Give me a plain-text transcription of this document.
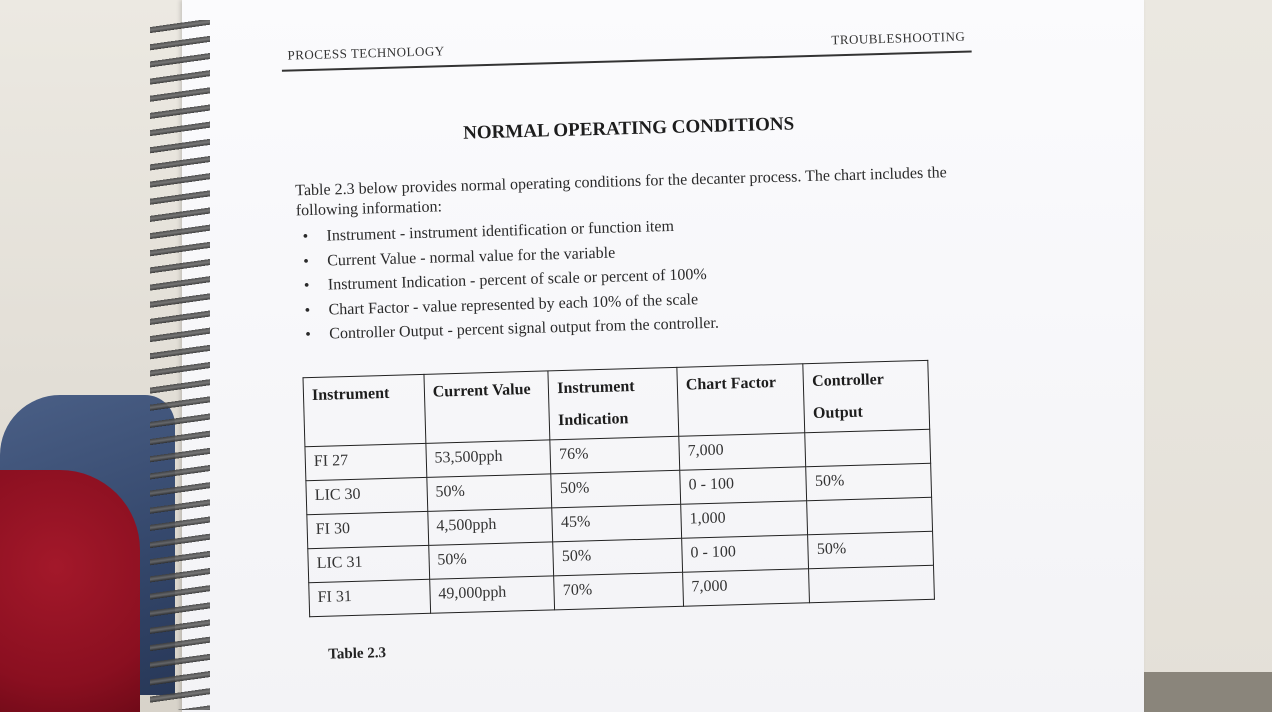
PROCESS TECHNOLOGY
TROUBLESHOOTING
NORMAL OPERATING CONDITIONS
Table 2.3 below provides normal operating conditions for the decanter process. The chart includes the following information:
• Instrument - instrument identification or function item
• Current Value - normal value for the variable
• Instrument Indication - percent of scale or percent of 100%
• Chart Factor - value represented by each 10% of the scale
• Controller Output - percent signal output from the controller.
Instrument	Current Value	Instrument Indication	Chart Factor	Controller Output
FI 27	53,500pph	76%	7,000	
LIC 30	50%	50%	0 - 100	50%
FI 30	4,500pph	45%	1,000	
LIC 31	50%	50%	0 - 100	50%
FI 31	49,000pph	70%	7,000	
Table 2.3
